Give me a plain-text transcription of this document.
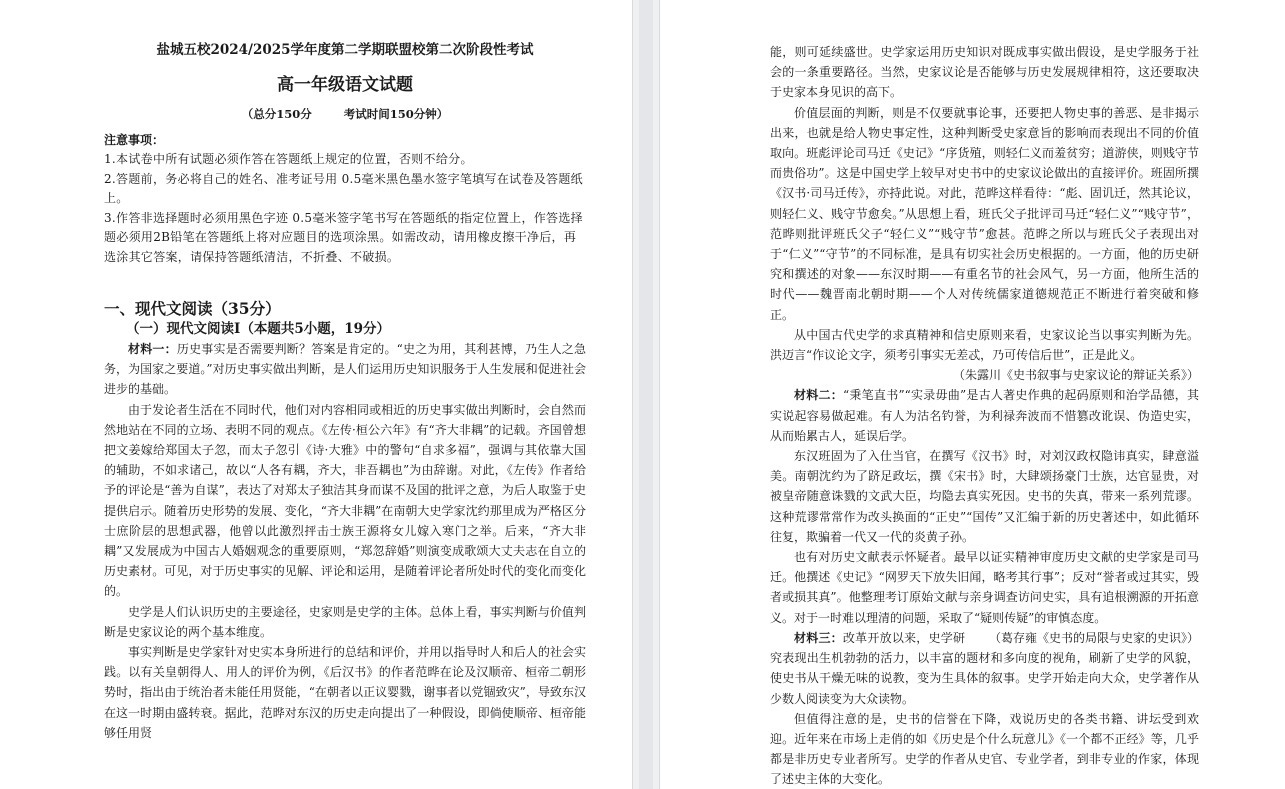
盐城五校2024/2025学年度第二学期联盟校第二次阶段性考试

高一年级语文试题

（总分150分	考试时间150分钟）

注意事项：

1.本试卷中所有试题必须作答在答题纸上规定的位置，否则不给分。

2.答题前，务必将自己的姓名、准考证号用 0.5毫米黑色墨水签字笔填写在试卷及答题纸上。

3.作答非选择题时必须用黑色字迹 0.5毫米签字笔书写在答题纸的指定位置上，作答选择题必须用2B铅笔在答题纸上将对应题目的选项涂黑。如需改动，请用橡皮擦干净后，再选涂其它答案，请保持答题纸清洁，不折叠、不破损。

一、现代文阅读（35分）

（一）现代文阅读Ⅰ（本题共5小题，19分）

材料一：历史事实是否需要判断？答案是肯定的。“史之为用，其利甚博，乃生人之急务，为国家之要道。”对历史事实做出判断，是人们运用历史知识服务于人生发展和促进社会进步的基础。

由于发论者生活在不同时代，他们对内容相同或相近的历史事实做出判断时，会自然而然地站在不同的立场、表明不同的观点。《左传·桓公六年》有“齐大非耦”的记载。齐国曾想把文姜嫁给郑国太子忽，而太子忽引《诗·大雅》中的警句“自求多福”，强调与其依靠大国的辅助，不如求诸己，故以“人各有耦，齐大，非吾耦也”为由辞谢。对此，《左传》作者给予的评论是“善为自谋”，表达了对郑太子独洁其身而谋不及国的批评之意，为后人取鉴于史提供启示。随着历史形势的发展、变化，“齐大非耦”在南朝大史学家沈约那里成为严格区分士庶阶层的思想武器，他曾以此激烈抨击士族王源将女儿嫁入寒门之举。后来，“齐大非耦”又发展成为中国古人婚姻观念的重要原则，“郑忽辞婚”则演变成歌颂大丈夫志在自立的历史素材。可见，对于历史事实的见解、评论和运用，是随着评论者所处时代的变化而变化的。

史学是人们认识历史的主要途径，史家则是史学的主体。总体上看，事实判断与价值判断是史家议论的两个基本维度。

事实判断是史学家针对史实本身所进行的总结和评价，并用以指导时人和后人的社会实践。以有关皇朝得人、用人的评价为例，《后汉书》的作者范晔在论及汉顺帝、桓帝二朝形势时，指出由于统治者未能任用贤能，“在朝者以正议婴戮，谢事者以党锢致灾”，导致东汉在这一时期由盛转衰。据此，范晔对东汉的历史走向提出了一种假设，即倘使顺帝、桓帝能够任用贤

能，则可延续盛世。史学家运用历史知识对既成事实做出假设，是史学服务于社会的一条重要路径。当然，史家议论是否能够与历史发展规律相符，这还要取决于史家本身见识的高下。

价值层面的判断，则是不仅要就事论事，还要把人物史事的善恶、是非揭示出来，也就是给人物史事定性，这种判断受史家意旨的影响而表现出不同的价值取向。班彪评论司马迁《史记》“序货殖，则轻仁义而羞贫穷；道游侠，则贱守节而贵俗功”。这是中国史学上较早对史书中的史家议论做出的直接评价。班固所撰《汉书·司马迁传》，亦持此说。对此，范晔这样看待：“彪、固讥迁，然其论议，则轻仁义、贱守节愈矣。”从思想上看，班氏父子批评司马迁“轻仁义”“贱守节”，范晔则批评班氏父子“轻仁义”“贱守节”愈甚。范晔之所以与班氏父子表现出对于“仁义”“守节”的不同标准，是具有切实社会历史根据的。一方面，他的历史研究和撰述的对象——东汉时期——有重名节的社会风气，另一方面，他所生活的时代——魏晋南北朝时期——个人对传统儒家道德规范正不断进行着突破和修正。

从中国古代史学的求真精神和信史原则来看，史家议论当以事实判断为先。洪迈言“作议论文字，须考引事实无差忒，乃可传信后世”，正是此义。

（朱露川《史书叙事与史家议论的辩证关系》）

材料二：“秉笔直书”“实录毋曲”是古人著史作典的起码原则和治学品德，其实说起容易做起难。有人为沽名钓誉，为利禄奔波而不惜篡改讹误、伪造史实，从而贻累古人，延误后学。

东汉班固为了入仕当官，在撰写《汉书》时，对刘汉政权隐讳真实，肆意溢美。南朝沈约为了跻足政坛，撰《宋书》时，大肆颂扬豪门士族，达官显贵，对被皇帝随意诛戮的文武大臣，均隐去真实死因。史书的失真，带来一系列荒谬。这种荒谬常常作为改头换面的“正史”“国传”又汇编于新的历史著述中，如此循环往复，欺骗着一代又一代的炎黄子孙。

也有对历史文献表示怀疑者。最早以证实精神审度历史文献的史学家是司马迁。他撰述《史记》“网罗天下放失旧闻，略考其行事”；反对“誉者或过其实，毁者或损其真”。他整理考订原始文献与亲身调查访问史实，具有追根溯源的开拓意义。对于一时难以理清的问题，采取了“疑则传疑”的审慎态度。
（葛存雍《史书的局限与史家的史识》）

材料三：改革开放以来，史学研究表现出生机勃勃的活力，以丰富的题材和多向度的视角，刷新了史学的风貌，使史书从干燥无味的说教，变为生具体的叙事。史学开始走向大众，史学著作从少数人阅读变为大众读物。

但值得注意的是，史书的信誉在下降，戏说历史的各类书籍、讲坛受到欢迎。近年来在市场上走俏的如《历史是个什么玩意儿》《一个都不正经》等，几乎都是非历史专业者所写。史学的作者从史官、专业学者，到非专业的作家，体现了述史主体的大变化。
